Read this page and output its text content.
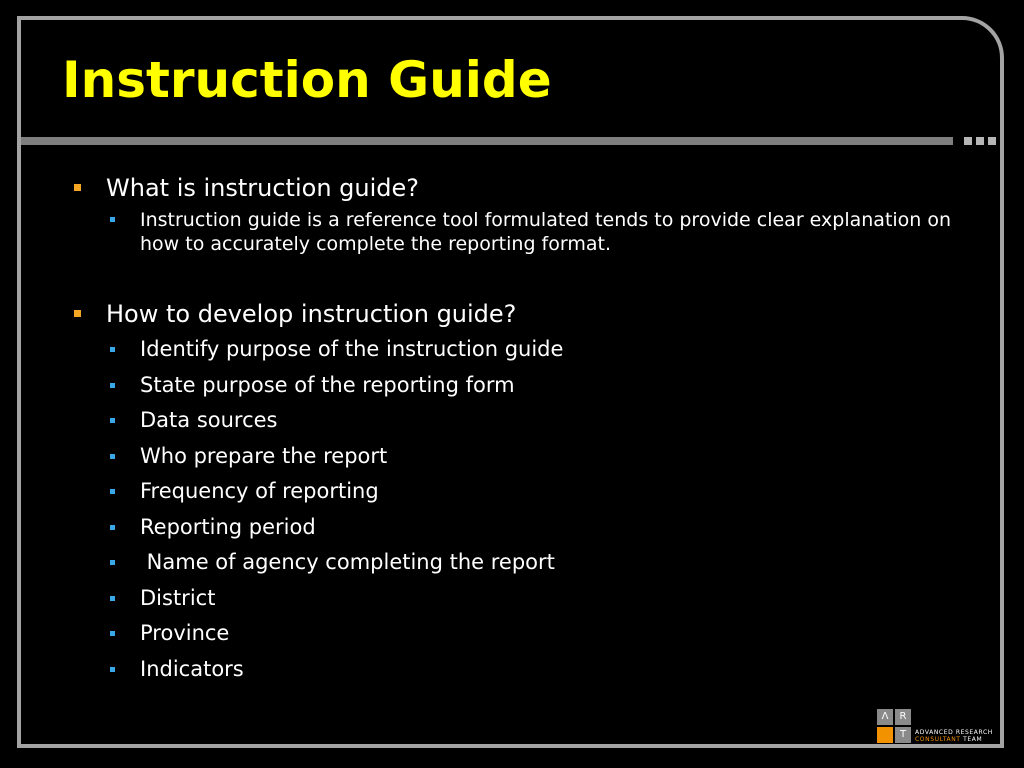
Instruction Guide
What is instruction guide?
Instruction guide is a reference tool formulated tends to provide clear explanation on how to accurately complete the reporting format.
How to develop instruction guide?
Identify purpose of the instruction guide
State purpose of the reporting form
Data sources
Who prepare the report
Frequency of reporting
Reporting period
Name of agency completing the report
District
Province
Indicators
Λ	R
T	ADVANCED RESEARCH
CONSULTANT TEAM
